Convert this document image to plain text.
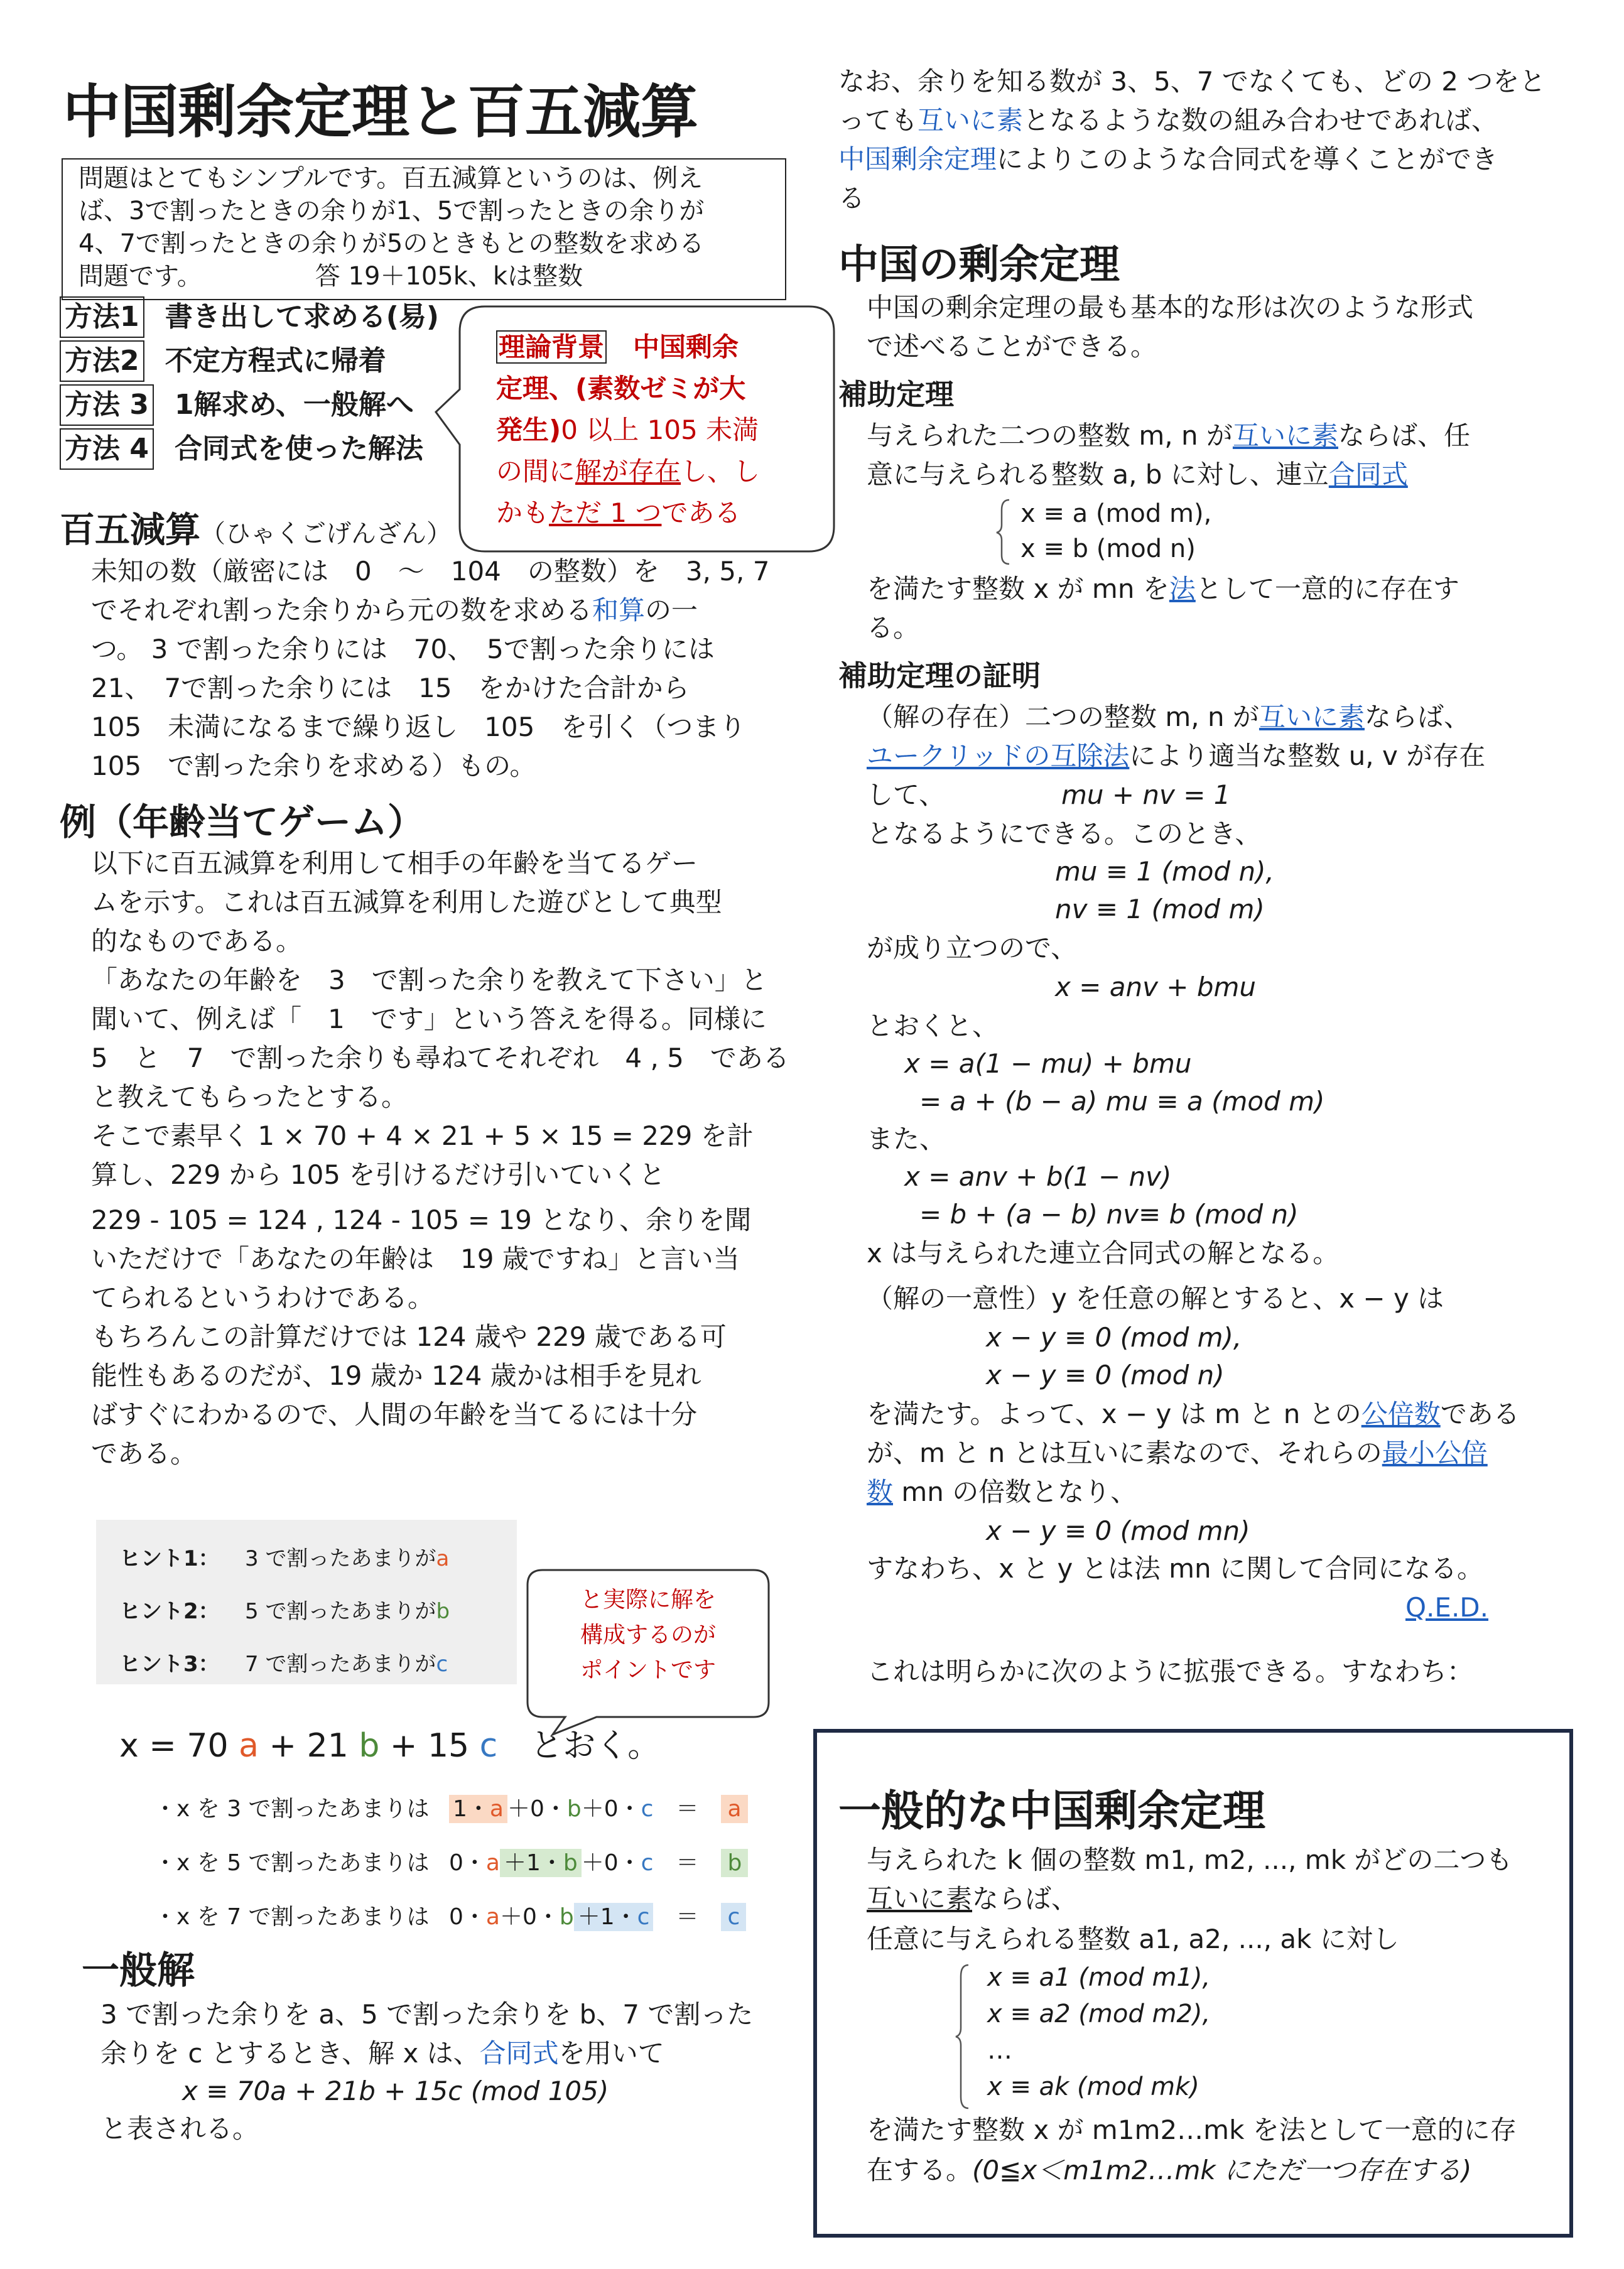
中国剰余定理と百五減算
問題はとてもシンプルです。百五減算というのは、例え
ば、3で割ったときの余りが1、5で割ったときの余りが
4、7で割ったときの余りが5のときもとの整数を求める
問題です。　　　　　答 19＋105k、kは整数
方法1 書き出して求める(易)
方法2 不定方程式に帰着
方法 3 1解求め、一般解へ
方法 4 合同式を使った解法
理論背景　 中国剰余
定理、(素数ゼミが大
発生)0 以上 105 未満
の間に解が存在し、し
かもただ 1 つである
百五減算（ひゃくごげんざん）
未知の数（厳密には　0　～　104　の整数）を　3, 5, 7
でそれぞれ割った余りから元の数を求める和算の一
つ。 3 で割った余りには　70、　5で割った余りには
21、　7で割った余りには　15　をかけた合計から
105　未満になるまで繰り返し　105　を引く（つまり
105　で割った余りを求める）もの。
例（年齢当てゲーム）
以下に百五減算を利用して相手の年齢を当てるゲー
ムを示す。これは百五減算を利用した遊びとして典型
的なものである。
「あなたの年齢を　3　で割った余りを教えて下さい」と
聞いて、例えば「　1　です」という答えを得る。同様に
5　と　7　で割った余りも尋ねてそれぞれ　4 , 5　である
と教えてもらったとする。
そこで素早く 1 × 70 + 4 × 21 + 5 × 15 = 229 を計
算し、229 から 105 を引けるだけ引いていくと
229 - 105 = 124 , 124 - 105 = 19 となり、余りを聞
いただけで「あなたの年齢は　19 歳ですね」と言い当
てられるというわけである。
もちろんこの計算だけでは 124 歳や 229 歳である可
能性もあるのだが、19 歳か 124 歳かは相手を見れ
ばすぐにわかるので、人間の年齢を当てるには十分
である。
ヒント1： 3 で割ったあまりがa
ヒント2： 5 で割ったあまりがb
ヒント3： 7 で割ったあまりがc
と実際に解を
構成するのが
ポイントです
x = 70 a + 21 b + 15 c　とおく。
・x を 3 で割ったあまりは 1・a ＋0・b＋0・c　 ＝　 a
・x を 5 で割ったあまりは 0・a ＋1・b ＋0・c　 ＝　 b
・x を 7 で割ったあまりは 0・a＋0・b ＋1・c　 ＝　 c
一般解
3 で割った余りを a、5 で割った余りを b、7 で割った
余りを c とするとき、解 x は、合同式を用いて
x ≡ 70a + 21b + 15c (mod 105)
と表される。
なお、余りを知る数が 3、5、7 でなくても、どの 2 つをと
っても互いに素となるような数の組み合わせであれば、
中国剰余定理によりこのような合同式を導くことができ
る
中国の剰余定理
中国の剰余定理の最も基本的な形は次のような形式
で述べることができる。
補助定理
与えられた二つの整数 m, n が互いに素ならば、任
意に与えられる整数 a, b に対し、連立合同式
x ≡ a (mod m),
x ≡ b (mod n)
を満たす整数 x が mn を法として一意的に存在す
る。
補助定理の証明
（解の存在）二つの整数 m, n が互いに素ならば、
ユークリッドの互除法により適当な整数 u, v が存在
して、	mu + nv = 1
となるようにできる。このとき、
mu ≡ 1 (mod n),
nv ≡ 1 (mod m)
が成り立つので、
x = anv + bmu
とおくと、
x = a(1 − mu) + bmu
= a + (b − a) mu ≡ a (mod m)
また、
x = anv + b(1 − nv)
= b + (a − b) nv≡ b (mod n)
x は与えられた連立合同式の解となる。
（解の一意性）y を任意の解とすると、x − y は
x − y ≡ 0 (mod m),
x − y ≡ 0 (mod n)
を満たす。よって、x − y は m と n との公倍数である
が、m と n とは互いに素なので、それらの最小公倍
数 mn の倍数となり、
x − y ≡ 0 (mod mn)
すなわち、x と y とは法 mn に関して合同になる。
Q.E.D.
これは明らかに次のように拡張できる。すなわち：
一般的な中国剰余定理
与えられた k 個の整数 m1, m2, ..., mk がどの二つも
互いに素ならば、
任意に与えられる整数 a1, a2, ..., ak に対し
x ≡ a1 (mod m1),
x ≡ a2 (mod m2),
…
x ≡ ak (mod mk)
を満たす整数 x が m1m2…mk を法として一意的に存
在する。(0≦x＜m1m2…mk にただ一つ存在する)
